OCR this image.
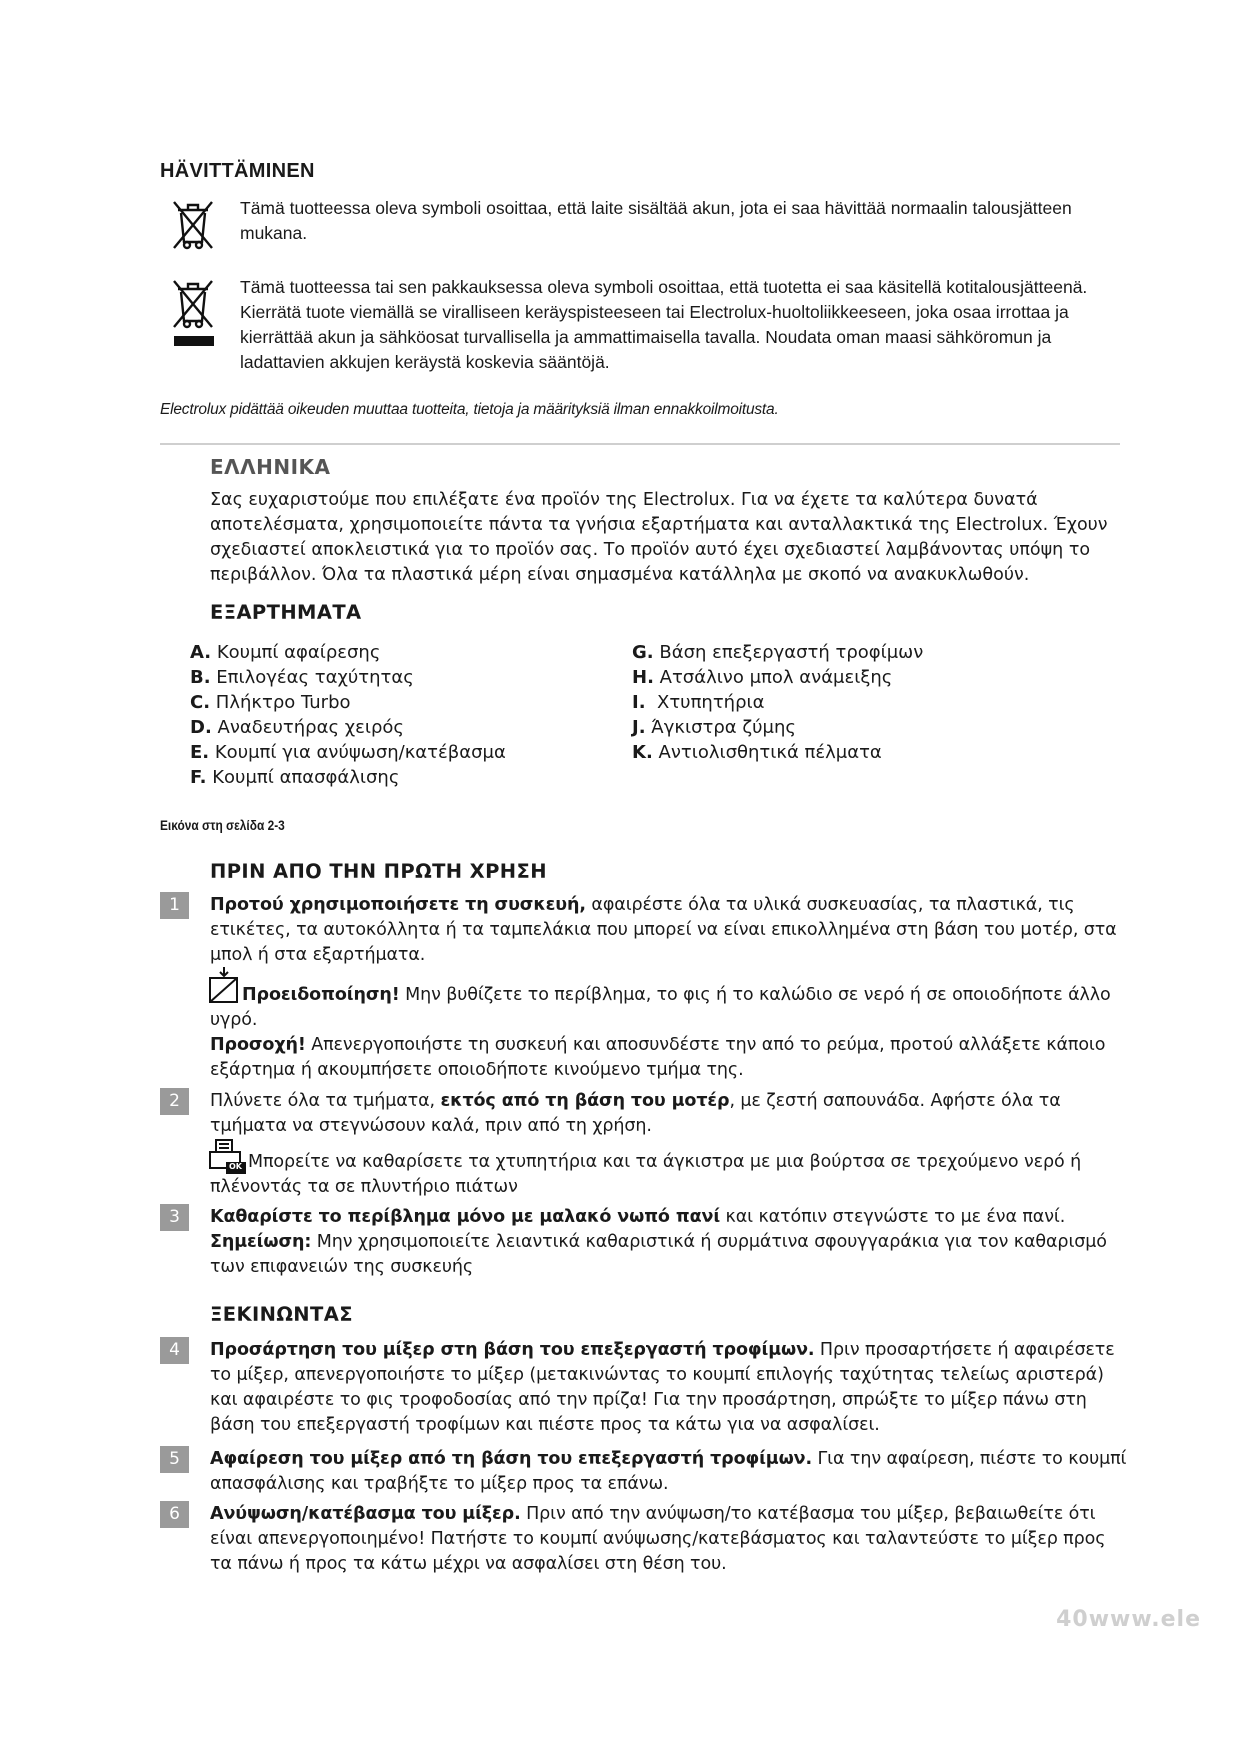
HÄVITTÄMINEN
Tämä tuotteessa oleva symboli osoittaa, että laite sisältää akun, jota ei saa hävittää normaalin talousjätteen mukana.
Tämä tuotteessa tai sen pakkauksessa oleva symboli osoittaa, että tuotetta ei saa käsitellä kotitalousjätteenä. Kierrätä tuote viemällä se viralliseen keräyspisteeseen tai Electrolux-huoltoliikkeeseen, joka osaa irrottaa ja kierrättää akun ja sähköosat turvallisella ja ammattimaisella tavalla. Noudata oman maasi sähköromun ja ladattavien akkujen keräystä koskevia sääntöjä.
Electrolux pidättää oikeuden muuttaa tuotteita, tietoja ja määrityksiä ilman ennakkoilmoitusta.
ΕΛΛΗΝΙΚΑ
Σας ευχαριστούμε που επιλέξατε ένα προϊόν της Electrolux. Για να έχετε τα καλύτερα δυνατά αποτελέσματα, χρησιμοποιείτε πάντα τα γνήσια εξαρτήματα και ανταλλακτικά της Electrolux. Έχουν σχεδιαστεί αποκλειστικά για το προϊόν σας. Το προϊόν αυτό έχει σχεδιαστεί λαμβάνοντας υπόψη το περιβάλλον. Όλα τα πλαστικά μέρη είναι σημασμένα κατάλληλα με σκοπό να ανακυκλωθούν.
ΕΞΑΡΤΗΜΑΤΑ
A. Κουμπί αφαίρεσης
B. Επιλογέας ταχύτητας
C. Πλήκτρο Turbo
D. Αναδευτήρας χειρός
E. Κουμπί για ανύψωση/κατέβασμα
F. Κουμπί απασφάλισης
G. Βάση επεξεργαστή τροφίμων
H. Ατσάλινο μπολ ανάμειξης
I. Χτυπητήρια
J. Άγκιστρα ζύμης
K. Αντιολισθητικά πέλματα
Εικόνα στη σελίδα 2-3
ΠΡΙΝ ΑΠΟ ΤΗΝ ΠΡΩΤΗ ΧΡΗΣΗ
1	Προτού χρησιμοποιήσετε τη συσκευή, αφαιρέστε όλα τα υλικά συσκευασίας, τα πλαστικά, τις ετικέτες, τα αυτοκόλλητα ή τα ταμπελάκια που μπορεί να είναι επικολλημένα στη βάση του μοτέρ, στα μπολ ή στα εξαρτήματα.
Προειδοποίηση! Μην βυθίζετε το περίβλημα, το φις ή το καλώδιο σε νερό ή σε οποιοδήποτε άλλο υγρό.
Προσοχή! Απενεργοποιήστε τη συσκευή και αποσυνδέστε την από το ρεύμα, προτού αλλάξετε κάποιο εξάρτημα ή ακουμπήσετε οποιοδήποτε κινούμενο τμήμα της.
2	Πλύνετε όλα τα τμήματα, εκτός από τη βάση του μοτέρ, με ζεστή σαπουνάδα. Αφήστε όλα τα τμήματα να στεγνώσουν καλά, πριν από τη χρήση.
OK Μπορείτε να καθαρίσετε τα χτυπητήρια και τα άγκιστρα με μια βούρτσα σε τρεχούμενο νερό ή πλένοντάς τα σε πλυντήριο πιάτων
3	Καθαρίστε το περίβλημα μόνο με μαλακό νωπό πανί και κατόπιν στεγνώστε το με ένα πανί.
Σημείωση: Μην χρησιμοποιείτε λειαντικά καθαριστικά ή συρμάτινα σφουγγαράκια για τον καθαρισμό των επιφανειών της συσκευής
ΞΕΚΙΝΩΝΤΑΣ
4	Προσάρτηση του μίξερ στη βάση του επεξεργαστή τροφίμων. Πριν προσαρτήσετε ή αφαιρέσετε το μίξερ, απενεργοποιήστε το μίξερ (μετακινώντας το κουμπί επιλογής ταχύτητας τελείως αριστερά) και αφαιρέστε το φις τροφοδοσίας από την πρίζα! Για την προσάρτηση, σπρώξτε το μίξερ πάνω στη βάση του επεξεργαστή τροφίμων και πιέστε προς τα κάτω για να ασφαλίσει.
5	Αφαίρεση του μίξερ από τη βάση του επεξεργαστή τροφίμων. Για την αφαίρεση, πιέστε το κουμπί απασφάλισης και τραβήξτε το μίξερ προς τα επάνω.
6	Ανύψωση/κατέβασμα του μίξερ. Πριν από την ανύψωση/το κατέβασμα του μίξερ, βεβαιωθείτε ότι είναι απενεργοποιημένο! Πατήστε το κουμπί ανύψωσης/κατεβάσματος και ταλαντεύστε το μίξερ προς τα πάνω ή προς τα κάτω μέχρι να ασφαλίσει στη θέση του.
40www.ele
